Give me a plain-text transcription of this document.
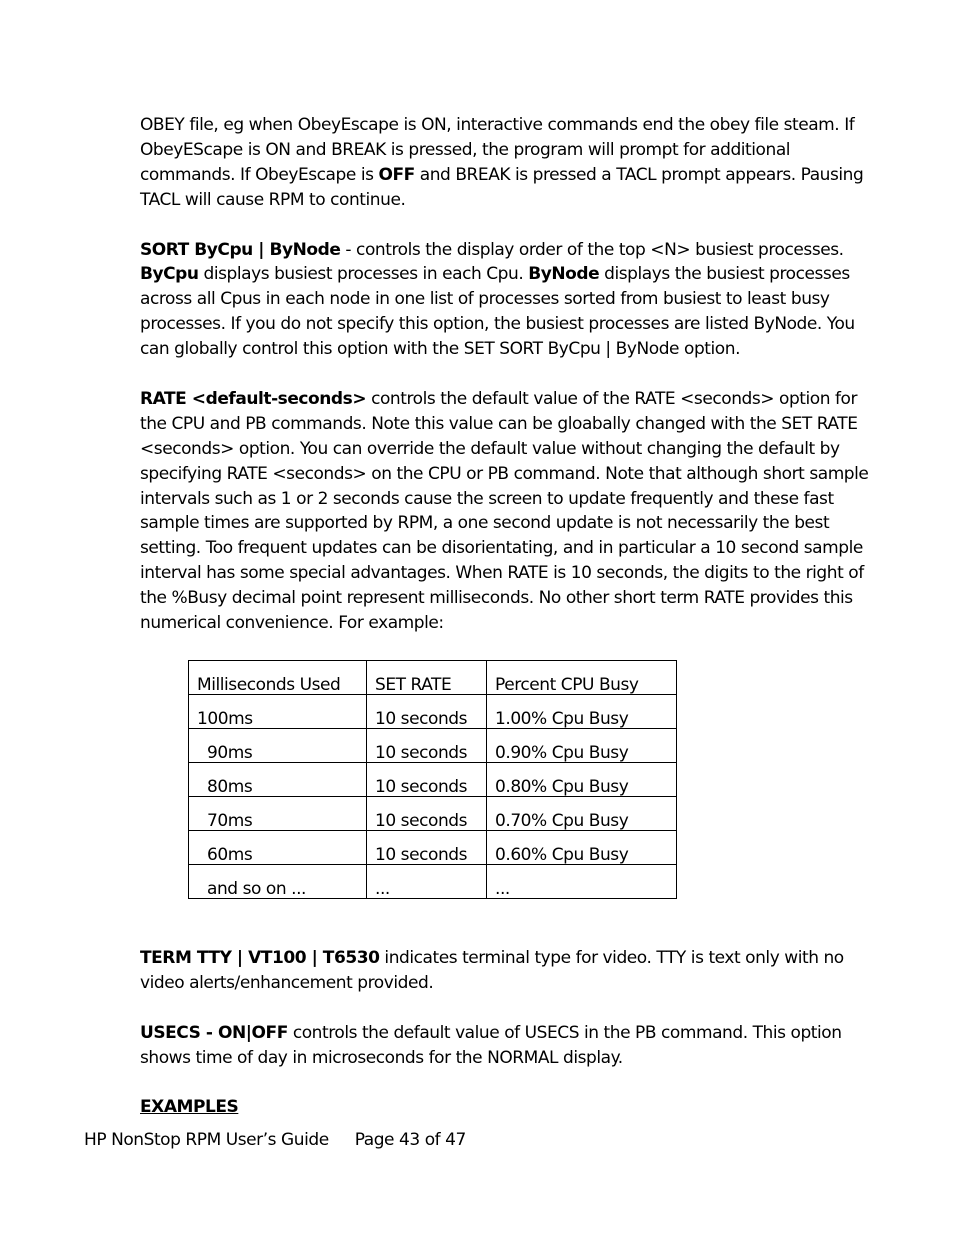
OBEY file, eg when ObeyEscape is ON, interactive commands end the obey file steam. If ObeyEScape is ON and BREAK is pressed, the program will prompt for additional commands. If ObeyEscape is OFF and BREAK is pressed a TACL prompt appears. Pausing TACL will cause RPM to continue.

SORT ByCpu | ByNode - controls the display order of the top <N> busiest processes. ByCpu displays busiest processes in each Cpu. ByNode displays the busiest processes across all Cpus in each node in one list of processes sorted from busiest to least busy processes. If you do not specify this option, the busiest processes are listed ByNode. You can globally control this option with the SET SORT ByCpu | ByNode option.

RATE <default-seconds> controls the default value of the RATE <seconds> option for the CPU and PB commands. Note this value can be gloabally changed with the SET RATE <seconds> option. You can override the default value without changing the default by specifying RATE <seconds> on the CPU or PB command. Note that although short sample intervals such as 1 or 2 seconds cause the screen to update frequently and these fast sample times are supported by RPM, a one second update is not necessarily the best setting. Too frequent updates can be disorientating, and in particular a 10 second sample interval has some special advantages. When RATE is 10 seconds, the digits to the right of the %Busy decimal point represent milliseconds. No other short term RATE provides this numerical convenience. For example:

Milliseconds Used	SET RATE	Percent CPU Busy
100ms	10 seconds	1.00% Cpu Busy
90ms	10 seconds	0.90% Cpu Busy
80ms	10 seconds	0.80% Cpu Busy
70ms	10 seconds	0.70% Cpu Busy
60ms	10 seconds	0.60% Cpu Busy
and so on ...	...	...

TERM TTY | VT100 | T6530 indicates terminal type for video. TTY is text only with no video alerts/enhancement provided.

USECS - ON|OFF controls the default value of USECS in the PB command. This option shows time of day in microseconds for the NORMAL display.

EXAMPLES

HP NonStop RPM User’s Guide Page 43 of 47
